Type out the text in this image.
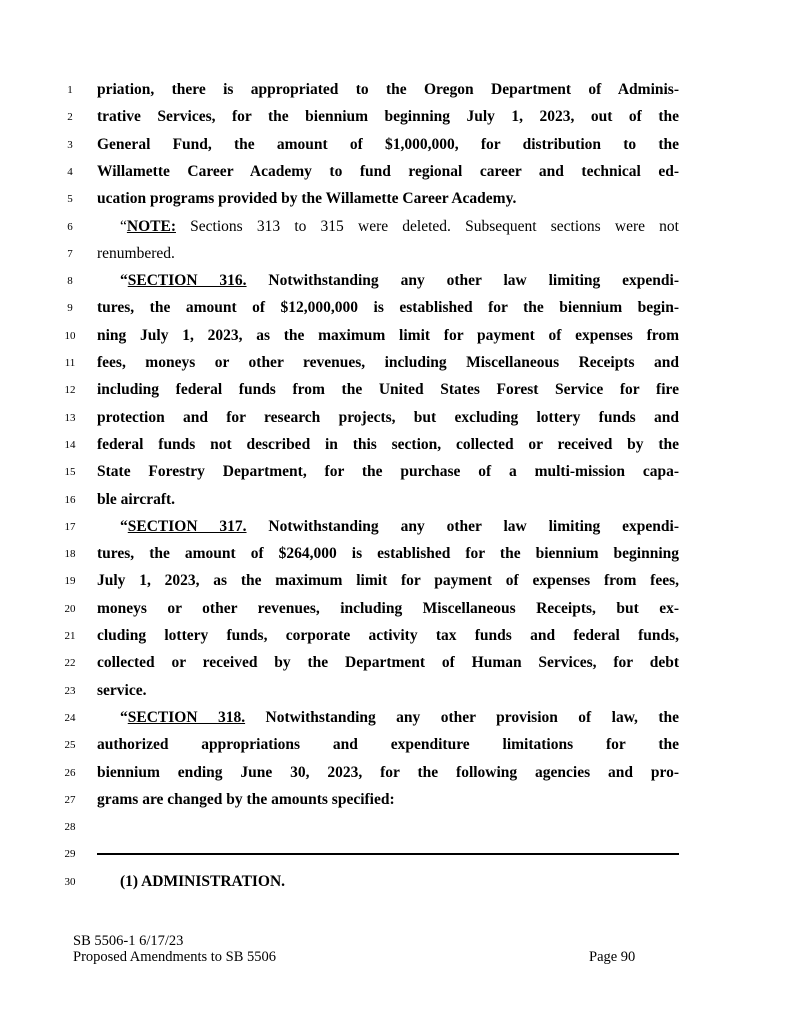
SB 5506-1 6/17/23
Proposed Amendments to SB 5506	Page 90
1	priation, there is appropriated to the Oregon Department of Adminis-
2	trative Services, for the biennium beginning July 1, 2023, out of the
3	General Fund, the amount of $1,000,000, for distribution to the
4	Willamette Career Academy to fund regional career and technical ed-
5	ucation programs provided by the Willamette Career Academy.
6	“NOTE: Sections 313 to 315 were deleted. Subsequent sections were not
7	renumbered.
8	“SECTION 316. Notwithstanding any other law limiting expendi-
9	tures, the amount of $12,000,000 is established for the biennium begin-
10 ning July 1, 2023, as the maximum limit for payment of expenses from
11	fees, moneys or other revenues, including Miscellaneous Receipts and
12 including federal funds from the United States Forest Service for fire
13 protection and for research projects, but excluding lottery funds and
14 federal funds not described in this section, collected or received by the
15 State Forestry Department, for the purchase of a multi-mission capa-
16 ble aircraft.
17	“SECTION 317. Notwithstanding any other law limiting expendi-
18 tures, the amount of $264,000 is established for the biennium beginning
19 July 1, 2023, as the maximum limit for payment of expenses from fees,
20 moneys or other revenues, including Miscellaneous Receipts, but ex-
21 cluding lottery funds, corporate activity tax funds and federal funds,
22 collected or received by the Department of Human Services, for debt
23 service.
24	“SECTION 318. Notwithstanding any other provision of law, the
25 authorized appropriations and expenditure limitations for the
26 biennium ending June 30, 2023, for the following agencies and pro-
27 grams are changed by the amounts specified:
28
29
30	(1) ADMINISTRATION.
